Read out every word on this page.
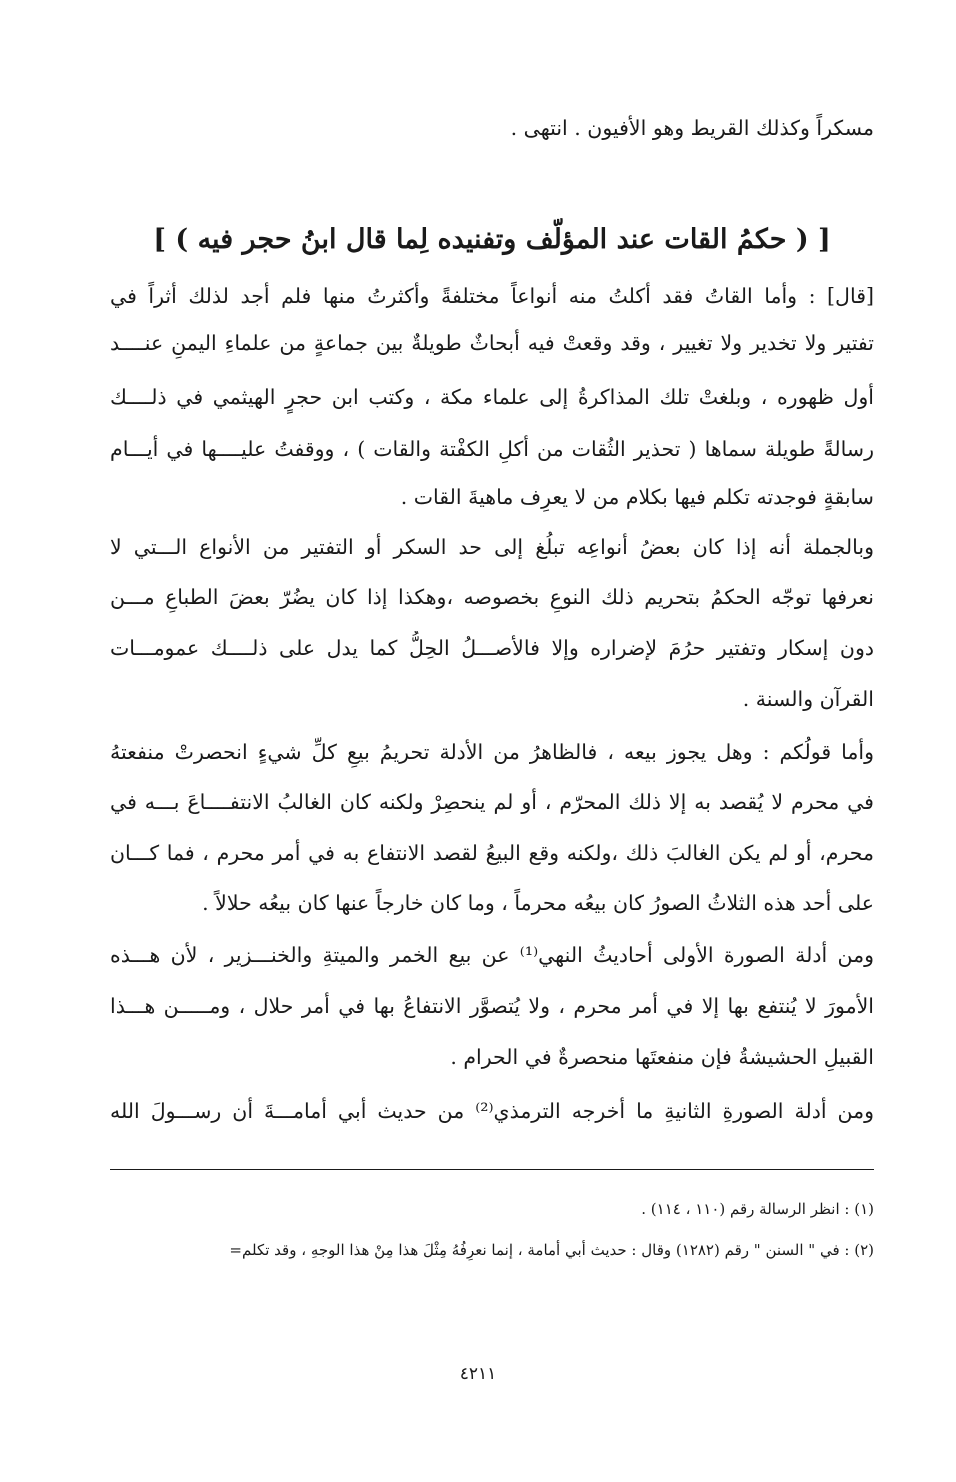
مسكراً وكذلك القريط وهو الأفيون . انتهى .
[ ( حكمُ القات عند المؤلّف وتفنيده لِما قال ابنُ حجر فيه ) ]
[قال] : وأما القاتُ فقد أكلتُ منه أنواعاً مختلفةً وأكثرتُ منها فلم أجد لذلك أثراً في
تفتير ولا تخدير ولا تغيير ، وقد وقعتْ فيه أبحاثٌ طويلةٌ بين جماعةٍ من علماءِ اليمنِ عنــــد
أول ظهوره ، وبلغتْ تلك المذاكرةُ إلى علماء مكة ، وكتب ابن حجرٍ الهيثمي في ذلــــك
رسالةً طويلة سماها ( تحذير الثُقات من أكلِ الكفْتة والقات ) ، ووقفتُ عليــــها في أيـــام
سابقةٍ فوجدته تكلم فيها بكلام من لا يعرِف ماهيةَ القات .
وبالجملة أنه إذا كان بعضُ أنواعِه تبلُغ إلى حد السكر أو التفتير من الأنواع الـــتي لا
نعرفها توجّه الحكمُ بتحريم ذلك النوعِ بخصوصه ،وهكذا إذا كان يضُرّ بعضَ الطباعِ مـــن
دون إسكار وتفتير حرُمَ لإضراره وإلا فالأصـــلُ الحِلُّ كما يدل على ذلــــك عمومـــات
القرآن والسنة .
وأما قولُكم : وهل يجوز بيعه ، فالظاهرُ من الأدلة تحريمُ بيعِ كلِّ شيءٍ انحصرتْ منفعتهُ
في محرم لا يُقصد به إلا ذلك المحرّم ، أو لم ينحصِرْ ولكنه كان الغالبُ الانتفــــاعَ بـــه في
محرم، أو لم يكن الغالبَ ذلك ،ولكنه وقع البيعُ لقصد الانتفاع به في أمر محرم ، فما كـــان
على أحد هذه الثلاثُ الصورُ كان بيعُه محرماً ، وما كان خارجاً عنها كان بيعُه حلالاً .
ومن أدلة الصورة الأولى أحاديثُ النهي⁽¹⁾ عن بيع الخمر والميتةِ والخنـــزير ، لأن هـــذه
الأمورَ لا يُنتفع بها إلا في أمر محرم ، ولا يُتصوَّر الانتفاعُ بها في أمر حلال ، ومـــــن هـــذا
القبيلِ الحشيشةُ فإن منفعتَها منحصرةٌ في الحرام .
ومن أدلة الصورةِ الثانيةِ ما أخرجه الترمذي⁽²⁾ من حديث أبي أمامـــةَ أن رســـولَ الله
(١) : انظر الرسالة رقم (١١٠ ، ١١٤) .
(٢) : في " السنن " رقم (١٢٨٢) وقال : حديث أبي أمامة ، إنما نعرِفُهُ مِثْلَ هذا مِنْ هذا الوجهِ ، وقد تكلم=
٤٢١١
